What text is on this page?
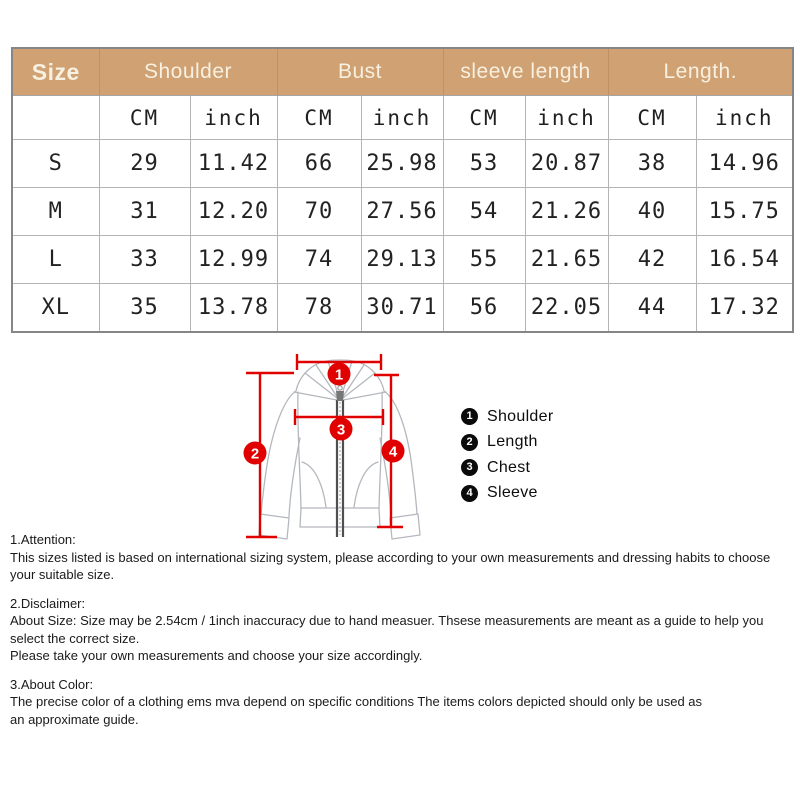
Size	Shoulder		Bust		sleeve length		Length.	
	CM	inch	CM	inch	CM	inch	CM	inch
S	29	11.42	66	25.98	53	20.87	38	14.96
M	31	12.20	70	27.56	54	21.26	40	15.75
L	33	12.99	74	29.13	55	21.65	42	16.54
XL	35	13.78	78	30.71	56	22.05	44	17.32
1
2
3
4
1 Shoulder
2 Length
3 Chest
4 Sleeve

1.Attention:

This sizes listed is based on international sizing system, please according to your own measurements and dressing habits to choose your suitable size.

2.Disclaimer:

About Size: Size may be 2.54cm / 1inch inaccuracy due to hand measuer. Thsese measurements are meant as a guide to help you select the correct size.

Please take your own measurements and choose your size accordingly.

3.About Color:

The precise color of a clothing ems mva depend on specific conditions The items colors depicted should only be used as

an approximate guide.
